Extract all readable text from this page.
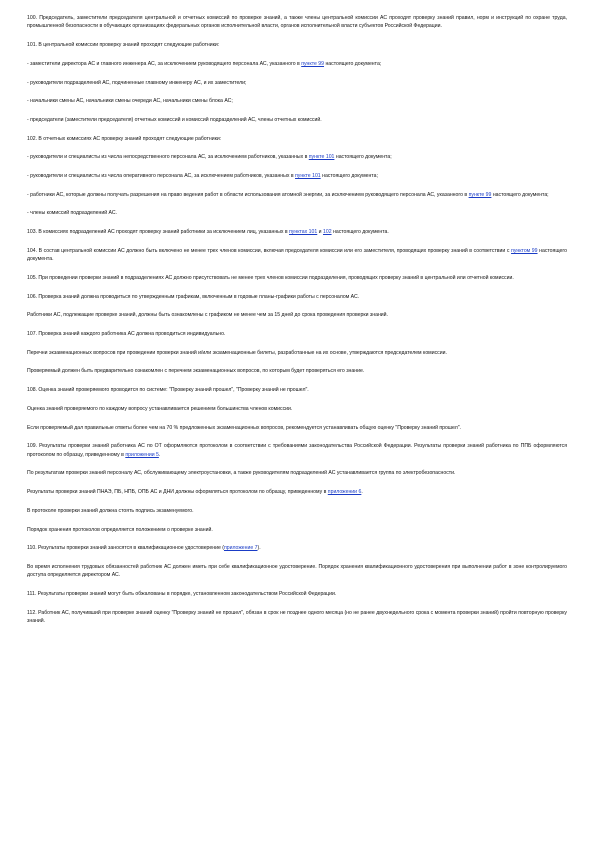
100. Председатель, заместители председателя центральной и отчетных комиссий по проверке знаний, а также члены центральной комиссии АС проходят проверку знаний правил, норм и инструкций по охране труда, промышленной безопасности в обучающих организациях федеральных органов исполнительной власти, органов исполнительной власти субъектов Российской Федерации.

101. В центральной комиссии проверку знаний проходят следующие работники:

- заместители директора АС и главного инженера АС, за исключением руководящего персонала АС, указанного в пункте 99 настоящего документа;

- руководители подразделений АС, подчиненные главному инженеру АС, и их заместители;

- начальники смены АС, начальники смены очереди АС, начальники смены блока АС;

- председатели (заместители председателя) отчетных комиссий и комиссий подразделений АС, члены отчетных комиссий.

102. В отчетных комиссиях АС проверку знаний проходят следующие работники:

- руководители и специалисты из числа непосредственного персонала АС, за исключением работников, указанных в пункте 101 настоящего документа;

- руководители и специалисты из числа оперативного персонала АС, за исключением работников, указанных в пункте 101 настоящего документа;

- работники АС, которые должны получать разрешения на право ведения работ в области использования атомной энергии, за исключением руководящего персонала АС, указанного в пункте 99 настоящего документа;

- члены комиссий подразделений АС.

103. В комиссиях подразделений АС проходят проверку знаний работники за исключением лиц, указанных в пунктах 101 и 102 настоящего документа.

104. В состав центральной комиссии АС должно быть включено не менее трех членов комиссии, включая председателя комиссии или его заместителя, проводящих проверку знаний в соответствии с пунктом 99 настоящего документа.

105. При проведении проверки знаний в подразделениях АС должно присутствовать не менее трех членов комиссии подразделения, проводящих проверку знаний в центральной или отчетной комиссии.

106. Проверка знаний должна проводиться по утвержденным графикам, включенным в годовые планы-графики работы с персоналом АС.

Работники АС, подлежащие проверке знаний, должны быть ознакомлены с графиком не менее чем за 15 дней до срока проведения проверки знаний.

107. Проверка знаний каждого работника АС должна проводиться индивидуально.

Перечни экзаменационных вопросов при проведении проверки знаний и/или экзаменационные билеты, разработанные на их основе, утверждаются председателем комиссии.

Проверяемый должен быть предварительно ознакомлен с перечнем экзаменационных вопросов, по которым будет проверяться его знание.

108. Оценка знаний проверяемого проводится по системе: "Проверку знаний прошел", "Проверку знаний не прошел".

Оценка знаний проверяемого по каждому вопросу устанавливается решением большинства членов комиссии.

Если проверяемый дал правильные ответы более чем на 70 % предложенных экзаменационных вопросов, рекомендуется устанавливать общую оценку "Проверку знаний прошел".

109. Результаты проверки знаний работника АС по ОТ оформляются протоколом в соответствии с требованиями законодательства Российской Федерации. Результаты проверки знаний работника по ППБ оформляются протоколом по образцу, приведенному в приложении 5.

По результатам проверки знаний персоналу АС, обслуживающему электроустановки, а также руководителям подразделений АС устанавливается группа по электробезопасности.

Результаты проверки знаний ПНАЭ, ПБ, НПБ, ОПБ АС и ДНИ должны оформляться протоколом по образцу, приведенному в приложении 6.

В протоколе проверки знаний должна стоять подпись экзаменуемого.

Порядок хранения протоколов определяется положением о проверке знаний.

110. Результаты проверки знаний заносятся в квалификационное удостоверение (приложение 7).

Во время исполнения трудовых обязанностей работник АС должен иметь при себе квалификационное удостоверение. Порядок хранения квалификационного удостоверения при выполнении работ в зоне контролируемого доступа определяется директором АС.

111. Результаты проверки знаний могут быть обжалованы в порядке, установленном законодательством Российской Федерации.

112. Работник АС, получивший при проверке знаний оценку "Проверку знаний не прошел", обязан в срок не позднее одного месяца (но не ранее двухнедельного срока с момента проверки знаний) пройти повторную проверку знаний.
